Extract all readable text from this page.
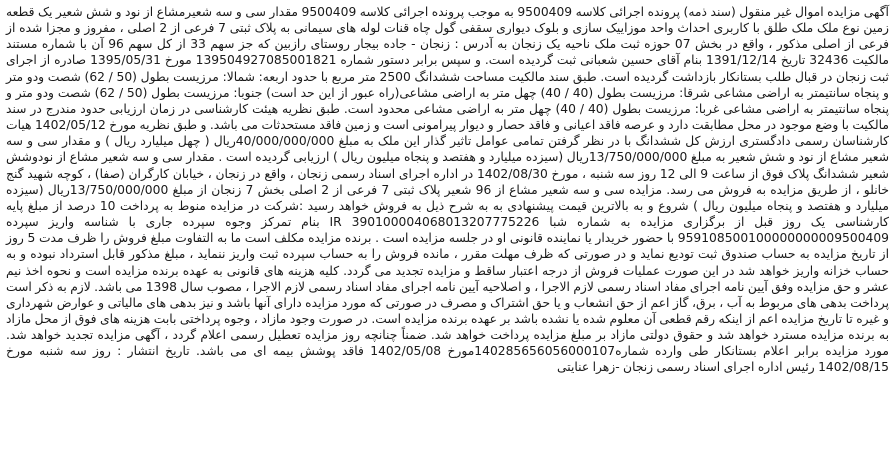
آگهی مزایده اموال غیر منقول (سند ذمه) پرونده اجرائی کلاسه 9500409 به موجب پرونده اجرائی کلاسه 9500409 مقدار سی و سه شعیرمشاع از نود و شش شعیر یک قطعه زمین نوع ملک ملک طلق با کاربری احداث واحد موزاییک سازی و بلوک دیواری سقفی گول چاه قنات لوله های سیمانی به پلاک ثبتی 7 فرعی از 2 اصلی ، مفروز و مجزا شده از فرعی از اصلی مذکور ، واقع در بخش 07 حوزه ثبت ملک ناحیه یک زنجان به آدرس : زنجان - جاده بیجار روستای رازبین که جز سهم 33 از کل سهم 96 آن با شماره مستند مالکیت 32436 تاریخ 1391/12/14 بنام آقای حسین شعبانی ثبت گردیده است. و سپس برابر دستور شماره 139504927085001821 مورخ 1395/05/31 صادره از اجرای ثبت زنجان در قبال طلب بستانکار بازداشت گردیده است. طبق سند مالکیت مساحت ششدانگ 2500 متر مربع با حدود اربعه: شمالا: مرزیست بطول (50 / 62) شصت ودو متر و پنجاه سانتیمتر به اراضی مشاعی شرقا: مرزیست بطول (40 / 40) چهل متر به اراضی مشاعی(راه عبور از این حد است) جنوبا: مرزیست بطول (50 / 62) شصت ودو متر و پنجاه سانتیمتر به اراضی مشاعی غربا: مرزیست بطول (40 / 40) چهل متر به اراضی مشاعی محدود است. طبق نظریه هیئت کارشناسی در زمان ارزیابی حدود مندرج در سند مالکیت با وضع موجود در محل مطابقت دارد و عرصه فاقد اعیانی و فاقد حصار و دیوار پیرامونی است و زمین فاقد مستحدثات می باشد. و طبق نظریه مورخ 1402/05/12 هیات کارشناسان رسمی دادگستری ارزش کل ششدانگ با در نظر گرفتن تمامی عوامل تاثیر گذار این ملک به مبلغ 40/000/000/000ریال ( چهل میلیارد ریال ) و مقدار سی و سه شعیر مشاع از نود و شش شعیر به مبلغ 13/750/000/000ریال (سیزده میلیارد و هفتصد و پنجاه میلیون ریال ) ارزیابی گردیده است . مقدار سی و سه شعیر مشاع از نودوشش شعیر ششدانگ پلاک فوق از ساعت 9 الی 12 روز سه شنبه ، مورخ 1402/08/30 در اداره اجرای اسناد رسمی زنجان ، واقع در زنجان ، خیابان کارگران (صفا) ، کوچه شهید گنج خانلو ، از طریق مزایده به فروش می رسد. مزایده سی و سه شعیر مشاع از 96 شعیر پلاک ثبتی 7 فرعی از 2 اصلی بخش 7 زنجان از مبلغ 13/750/000/000ریال (سیزده میلیارد و هفتصد و پنجاه میلیون ریال ) شروع و به بالاترین قیمت پیشنهادی به به شرح ذیل به فروش خواهد رسید :شرکت در مزایده منوط به پرداخت 10 درصد از مبلغ پایه کارشناسی یک روز قبل از برگزاری مزایده به شماره شبا IR 390100004068013207775226 بنام تمرکز وجوه سپرده جاری با شناسه واریز سپرده 959108500100000000009500409 با حضور خریدار یا نماینده قانونی او در جلسه مزایده است . برنده مزایده مکلف است ما به التفاوت مبلغ فروش را ظرف مدت 5 روز از تاریخ مزایده به حساب صندوق ثبت تودیع نماید و در صورتی که ظرف مهلت مقرر ، مانده فروش را به حساب سپرده ثبت واریز ننماید ، مبلغ مذکور قابل استرداد نبوده و به حساب خزانه واریز خواهد شد در این صورت عملیات فروش از درجه اعتبار ساقط و مزایده تجدید می گردد. کلیه هزینه های قانونی به عهده برنده مزایده است و نحوه اخذ نیم عشر و حق مزایده وفق آیین نامه اجرای مفاد اسناد رسمی لازم الاجرا ، و اصلاحیه آیین نامه اجرای مفاد اسناد رسمی لازم الاجرا ، مصوب سال 1398 می باشد. لازم به ذکر است پرداخت بدهی های مربوط به آب ، برق، گاز اعم از حق انشعاب و یا حق اشتراک و مصرف در صورتی که مورد مزایده دارای آنها باشد و نیز بدهی های مالیاتی و عوارض شهرداری و غیره تا تاریخ مزایده اعم از اینکه رقم قطعی آن معلوم شده یا نشده باشد بر عهده برنده مزایده است. در صورت وجود مازاد ، وجوه پرداختی بابت هزینه های فوق از محل مازاد به برنده مزایده مسترد خواهد شد و حقوق دولتی مازاد بر مبلغ مزایده پرداخت خواهد شد. ضمناً چنانچه روز مزایده تعطیل رسمی اعلام گردد ، آگهی مزایده تجدید خواهد شد. مورد مزایده برابر اعلام بستانکار طی وارده شماره140285656056000107مورخ 1402/05/08 فاقد پوشش بیمه ای می باشد. تاریخ انتشار : روز سه شنبه مورخ 1402/08/15 رئیس اداره اجرای اسناد رسمی زنجان -زهرا عنایتی
